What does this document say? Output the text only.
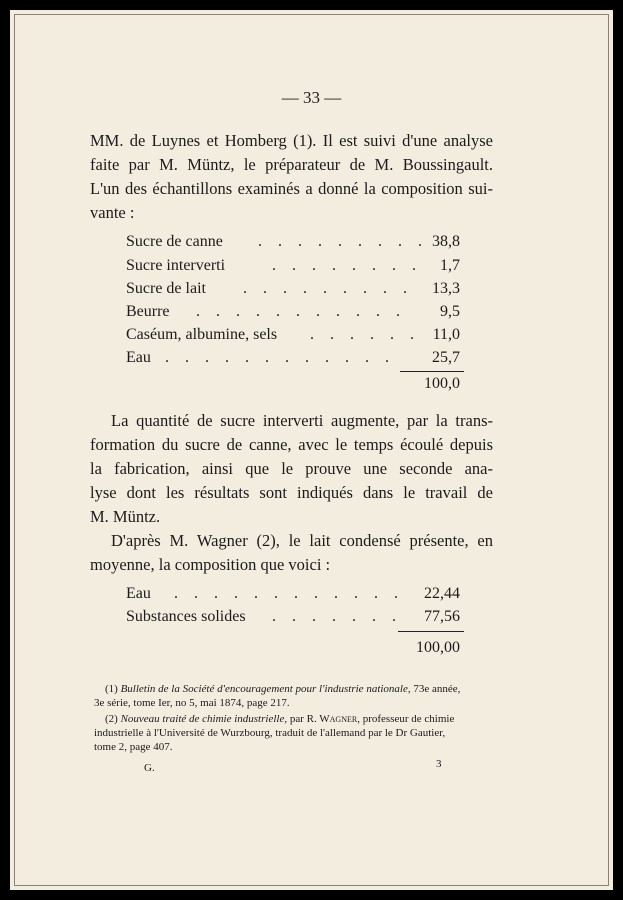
— 33 —
MM. de Luynes et Homberg (1). Il est suivi d'une analyse
faite par M. Müntz, le préparateur de M. Boussingault.
L'un des échantillons examinés a donné la composition sui-
vante :
Sucre de canne . . . . . . . . . 38,8
Sucre interverti	. . . . . . . .	1,7
Sucre de lait . . . . . . . . .	13,3
Beurre . . . . . . . . . . .	9,5
Caséum, albumine, sels . . . . . . 11,0
Eau . . . . . . . . . . . .	25,7
100,0
La quantité de sucre interverti augmente, par la trans-
formation du sucre de canne, avec le temps écoulé depuis
la fabrication, ainsi que le prouve une seconde ana-
lyse dont les résultats sont indiqués dans le travail de
M. Müntz.
D'après M. Wagner (2), le lait condensé présente, en
moyenne, la composition que voici :
Eau . . . . . . . . . . . .	22,44
Substances solides . . . . . . .	77,56
100,00
(1) Bulletin de la Société d'encouragement pour l'industrie nationale, 73e année,
3e série, tome Ier, no 5, mai 1874, page 217.
(2) Nouveau traité de chimie industrielle, par R. Wagner, professeur de chimie
industrielle à l'Université de Wurzbourg, traduit de l'allemand par le Dr Gautier,
tome 2, page 407.
G.	3
